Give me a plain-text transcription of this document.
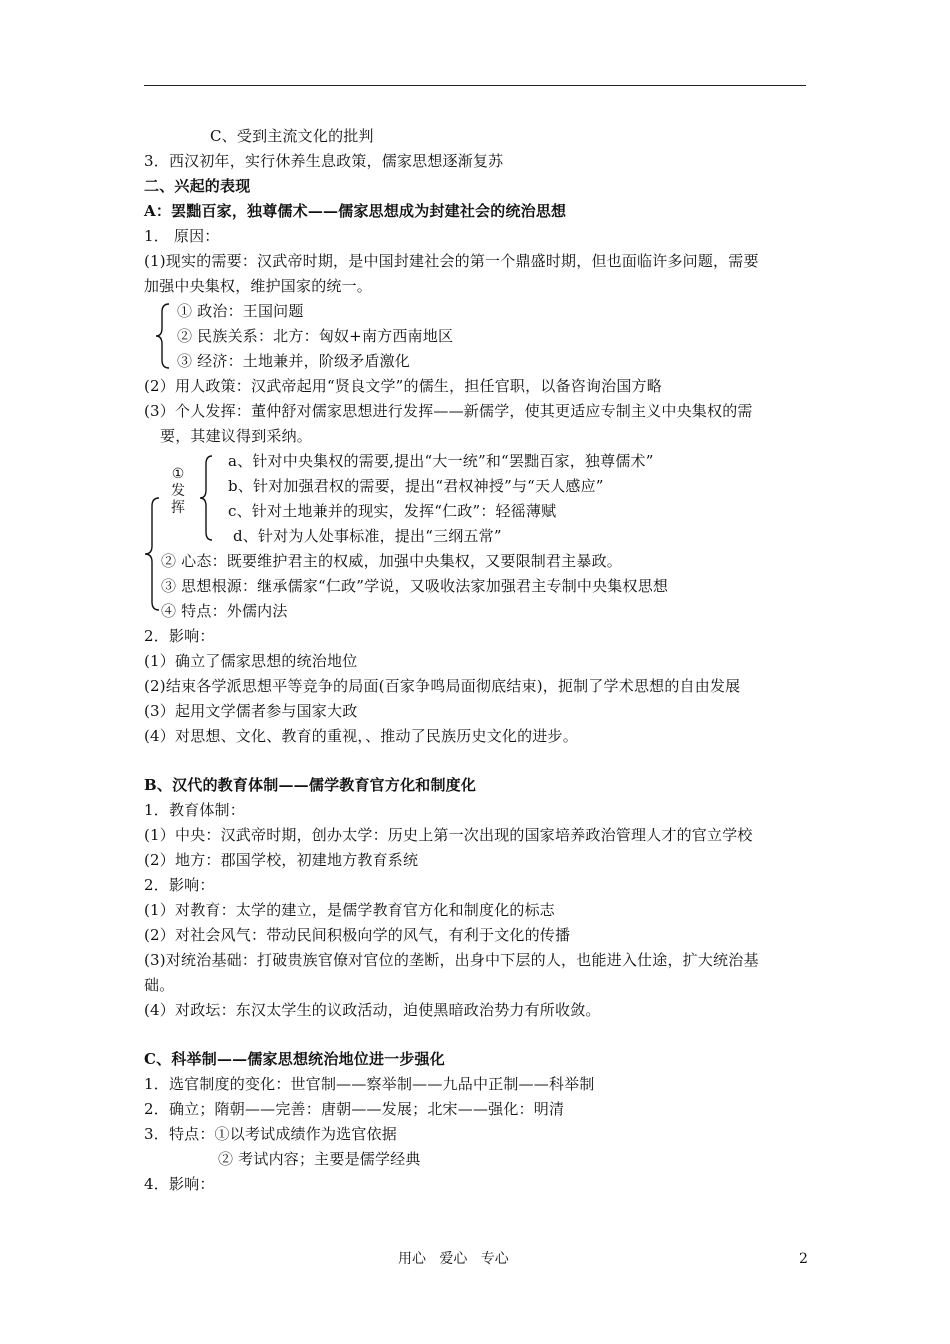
C、受到主流文化的批判
3．西汉初年，实行休养生息政策，儒家思想逐渐复苏
二、兴起的表现
A：罢黜百家，独尊儒术——儒家思想成为封建社会的统治思想
1． 原因：
(1)现实的需要：汉武帝时期，是中国封建社会的第一个鼎盛时期，但也面临许多问题，需要
加强中央集权，维护国家的统一。
① 政治：王国问题
② 民族关系：北方：匈奴+南方西南地区
③ 经济：土地兼并，阶级矛盾激化
(2）用人政策：汉武帝起用“贤良文学”的儒生，担任官职，以备咨询治国方略
(3）个人发挥：董仲舒对儒家思想进行发挥——新儒学，使其更适应专制主义中央集权的需
要，其建议得到采纳。
①
发
挥
a、针对中央集权的需要,提出“大一统”和“罢黜百家，独尊儒术”
b、针对加强君权的需要，提出“君权神授”与“天人感应”
c、针对土地兼并的现实，发挥“仁政”：轻徭薄赋
d、针对为人处事标准，提出“三纲五常”
② 心态：既要维护君主的权威，加强中央集权，又要限制君主暴政。
③ 思想根源：继承儒家“仁政”学说，又吸收法家加强君主专制中央集权思想
④ 特点：外儒内法
2．影响：
(1）确立了儒家思想的统治地位
(2)结束各学派思想平等竞争的局面(百家争鸣局面彻底结束)，扼制了学术思想的自由发展
(3）起用文学儒者参与国家大政
(4）对思想、文化、教育的重视，、推动了民族历史文化的进步。
B、汉代的教育体制——儒学教育官方化和制度化
1．教育体制：
(1）中央：汉武帝时期，创办太学：历史上第一次出现的国家培养政治管理人才的官立学校
(2）地方：郡国学校，初建地方教育系统
2．影响：
(1）对教育：太学的建立，是儒学教育官方化和制度化的标志
(2）对社会风气：带动民间积极向学的风气，有利于文化的传播
(3)对统治基础：打破贵族官僚对官位的垄断，出身中下层的人，也能进入仕途，扩大统治基
础。
(4）对政坛：东汉太学生的议政活动，迫使黑暗政治势力有所收敛。
C、科举制——儒家思想统治地位进一步强化
1．选官制度的变化：世官制——察举制——九品中正制——科举制
2．确立；隋朝——完善：唐朝——发展；北宋——强化：明清
3．特点：①以考试成绩作为选官依据
② 考试内容；主要是儒学经典
4．影响：
用心   爱心   专心	2
